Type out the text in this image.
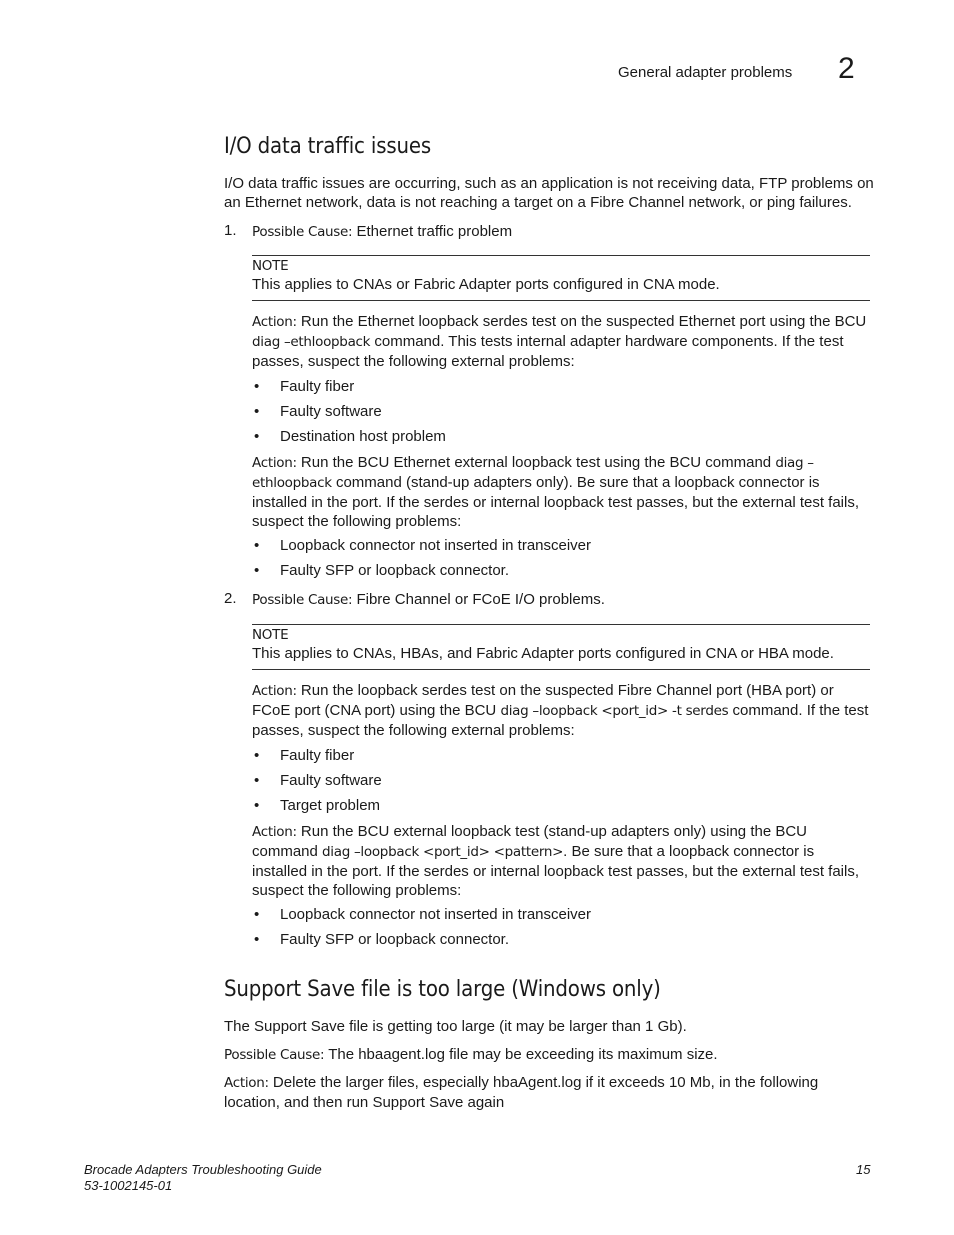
General adapter problems 2
I/O data traffic issues
I/O data traffic issues are occurring, such as an application is not receiving data, FTP problems on an Ethernet network, data is not reaching a target on a Fibre Channel network, or ping failures.
1. Possible Cause: Ethernet traffic problem
NOTE
This applies to CNAs or Fabric Adapter ports configured in CNA mode.
Action: Run the Ethernet loopback serdes test on the suspected Ethernet port using the BCU diag –ethloopback command. This tests internal adapter hardware components. If the test passes, suspect the following external problems:
• Faulty fiber
• Faulty software
• Destination host problem
Action: Run the BCU Ethernet external loopback test using the BCU command diag –ethloopback command (stand-up adapters only). Be sure that a loopback connector is installed in the port. If the serdes or internal loopback test passes, but the external test fails, suspect the following problems:
• Loopback connector not inserted in transceiver
• Faulty SFP or loopback connector.
2. Possible Cause: Fibre Channel or FCoE I/O problems.
NOTE
This applies to CNAs, HBAs, and Fabric Adapter ports configured in CNA or HBA mode.
Action: Run the loopback serdes test on the suspected Fibre Channel port (HBA port) or FCoE port (CNA port) using the BCU diag –loopback <port_id> -t serdes command. If the test passes, suspect the following external problems:
• Faulty fiber
• Faulty software
• Target problem
Action: Run the BCU external loopback test (stand-up adapters only) using the BCU command diag –loopback <port_id> <pattern>. Be sure that a loopback connector is installed in the port. If the serdes or internal loopback test passes, but the external test fails, suspect the following problems:
• Loopback connector not inserted in transceiver
• Faulty SFP or loopback connector.
Support Save file is too large (Windows only)
The Support Save file is getting too large (it may be larger than 1 Gb).
Possible Cause: The hbaagent.log file may be exceeding its maximum size.
Action: Delete the larger files, especially hbaAgent.log if it exceeds 10 Mb, in the following location, and then run Support Save again
Brocade Adapters Troubleshooting Guide
53-1002145-01
15
